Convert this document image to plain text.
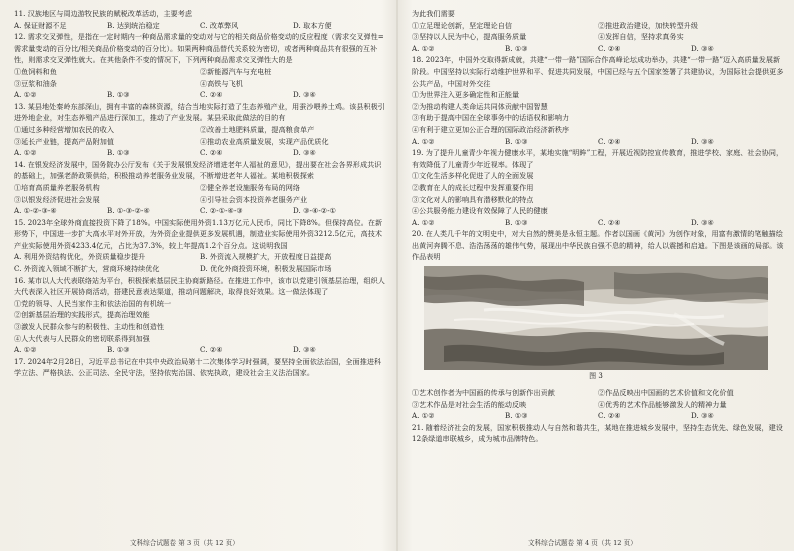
11. 汉族地区与周边游牧民族的赋税改革活动，主要考虑

A. 保证财源不足	B. 达到统治稳定	C. 改革弊风	D. 取本方便

12. 需求交叉弹性，是指在一定时期内一种商品需求量的变动对与它的相关商品价格变动的反应程度（需求交叉弹性=需求量变动的百分比/相关商品价格变动的百分比）。如果两种商品替代关系较为密切，或者两种商品共有很强的互补性，则需求交叉弹性就大。在其他条件不变的情况下，下列两种商品需求交叉弹性大的是

①鱼饲料和鱼	②新能源汽车与充电桩
③豆浆和油条	④高铁与飞机
A. ①②	B. ①③	C. ②④	D. ③④

13. 某县地处秦岭东部深山，拥有丰富的森林资源，结合当地实际打造了生态养殖产业，用蚕沙喂养土鸡。该县积极引进外地企业，对生态养殖产品进行深加工，推动了产业发展。某县采取此做法的目的有

①通过多种经营增加农民的收入	②改善土地肥料质量，提高粮食单产
③延长产业链，提高产品附加值	④推动农业高质量发展，实现产品优质化
A. ①②	B. ①③	C. ②④	D. ③④

14. 在银发经济发展中，国务院办公厅发布《关于发展银发经济增进老年人福祉的意见》，提出要在社会各界形成共识的基础上，加强老龄政策供给，积极推动养老服务业发展，不断增进老年人福祉。某地积极探索

①培育高质量养老服务机构	②健全养老设施服务布局的网络
③以银发经济促进社会发展	④引导社会资本投资养老服务产业
A. ①-②-③-④	B. ①-③-②-④	C. ②-①-④-③	D. ③-④-②-①

15. 2023年全球外商直接投资下降了18%。中国实际使用外资1.13万亿元人民币，同比下降8%。但保持高位。在新形势下，中国进一步扩大高水平对外开放，为外资企业提供更多发展机遇，制造业实际使用外资3212.5亿元，高技术产业实际使用外资4233.4亿元，占比为37.3%，较上年提高1.2个百分点。这说明我国

A. 利用外资结构优化，外资质量稳步提升	B. 外资流入规模扩大，开放程度日益提高
C. 外资流入领域不断扩大，营商环境持续优化	D. 优化外商投资环境，积极发展国际市场

16. 某市以人大代表联络站为平台，积极探索基层民主协商新路径。在推进工作中，该市以党建引领基层治理，组织人大代表深入社区开展协商活动，搭建民意表达渠道，推动问题解决，取得良好效果。这一做法体现了

①党的领导、人民当家作主和依法治国的有机统一
②创新基层治理的实践形式，提高治理效能
③激发人民群众参与的积极性、主动性和创造性
④人大代表与人民群众的密切联系得到加强
A. ①②	B. ①③	C. ②④	D. ③④

17. 2024年2月28日，习近平总书记在中共中央政治局第十二次集体学习时强调，要坚持全面依法治国，全面推进科学立法、严格执法、公正司法、全民守法，坚持依宪治国、依宪执政，建设社会主义法治国家。

文科综合试题卷 第 3 页（共 12 页）

为此我们需要

①立足理论创新，坚定理论自信	②推进政治建设，加快转型升级
③坚持以人民为中心，提高服务质量	④发挥自信，坚持求真务实
A. ①②	B. ①③	C. ②④	D. ③④

18. 2023年，中国外交取得新成就，共建“一带一路”国际合作高峰论坛成功举办，共建“一带一路”迈入高质量发展新阶段。中国坚持以实际行动维护世界和平、促进共同发展，中国已经与五个国家签署了共建协议，为国际社会提供更多公共产品，中国对外交往

①为世界注入更多确定性和正能量
②为推动构建人类命运共同体贡献中国智慧
③有助于提高中国在全球事务中的话语权和影响力
④有利于建立更加公正合理的国际政治经济新秩序
A. ①②	B. ①③	C. ②④	D. ③④

19. 为了提升儿童青少年视力健康水平，某地实施“明眸”工程，开展近视防控宣传教育，推进学校、家庭、社会协同，有效降低了儿童青少年近视率。体现了

①文化生活多样化促进了人的全面发展
②教育在人的成长过程中发挥重要作用
③文化对人的影响具有潜移默化的特点
④公共服务能力建设有效保障了人民的健康
A. ①②	B. ①③	C. ②④	D. ③④

20. 在人类几千年的文明史中，对大自然的赞美是永恒主题。作者以国画《黄河》为创作对象，用富有激情的笔触描绘出黄河奔腾不息、浩浩荡荡的雄伟气势，展现出中华民族自强不息的精神，给人以震撼和启迪。下图是该画的局部。该作品表明

图 3
①艺术创作者为中国画的传承与创新作出贡献	②作品反映出中国画的艺术价值和文化价值
③艺术作品是对社会生活的能动反映	④优秀的艺术作品能够激发人的精神力量
A. ①②	B. ①③	C. ②④	D. ③④

21. 随着经济社会的发展，国家积极推动人与自然和谐共生，某地在推进城乡发展中，坚持生态优先、绿色发展，建设12条绿道串联城乡，成为城市品牌特色。

文科综合试题卷 第 4 页（共 12 页）
